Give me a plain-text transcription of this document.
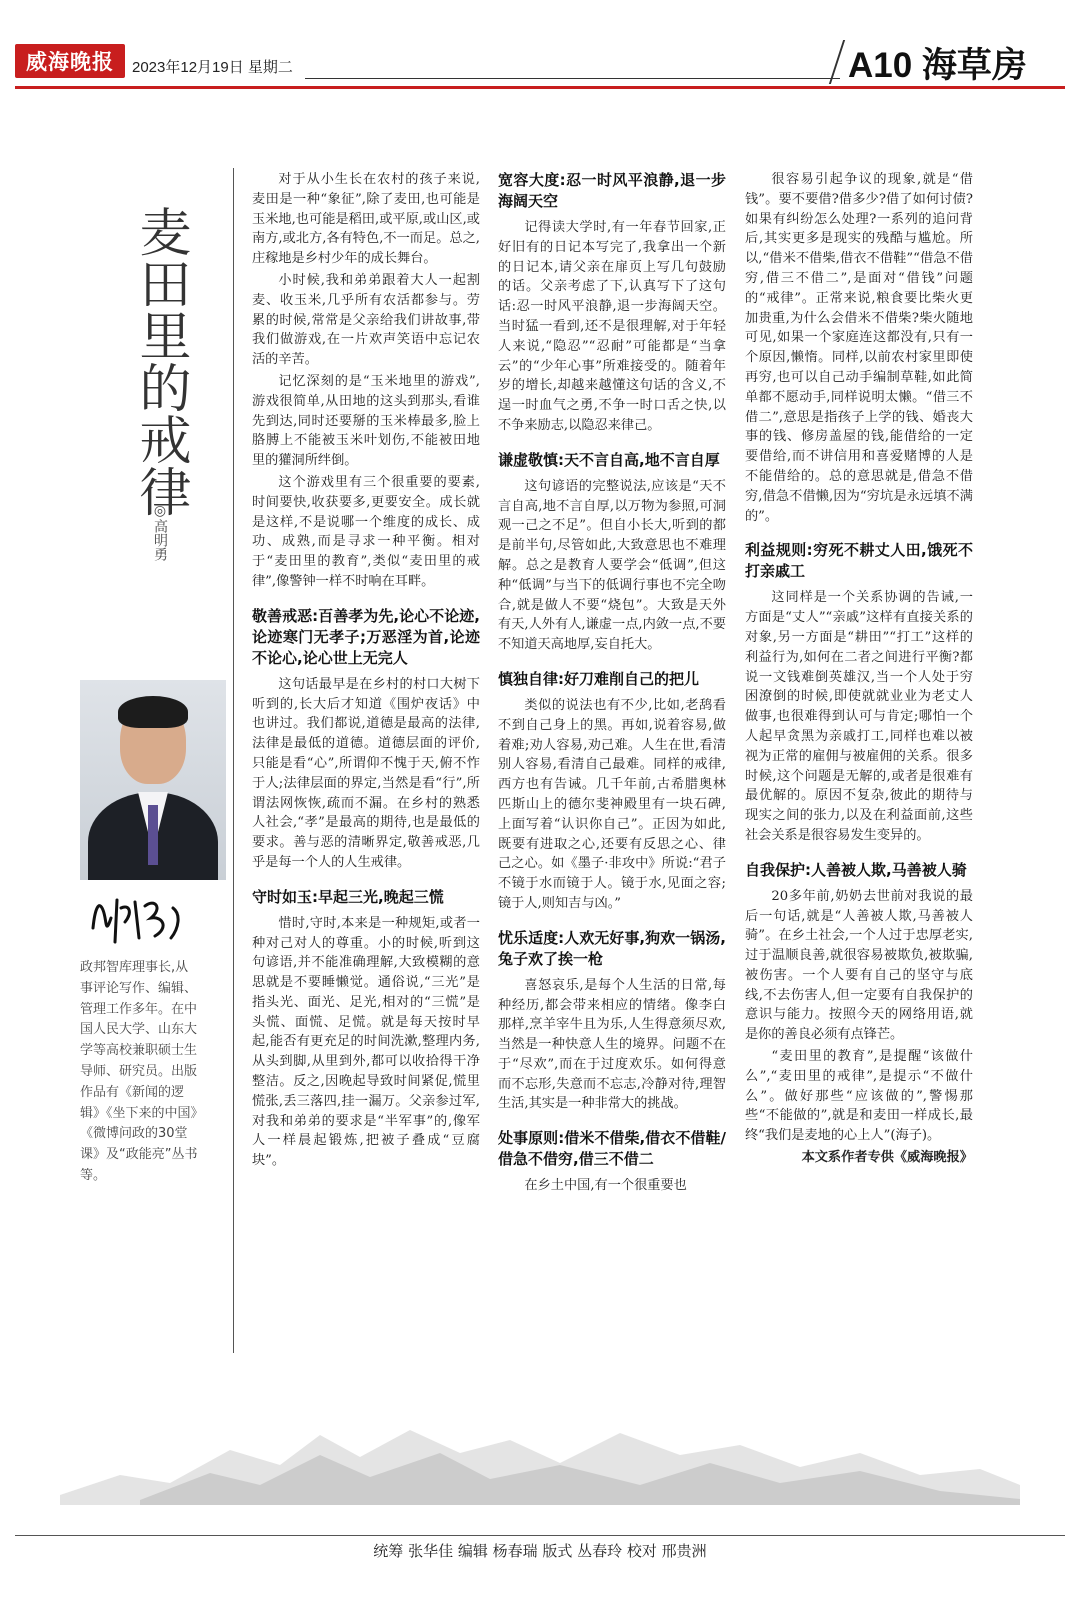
威海晚报	2023年12月19日 星期二	A10 海草房
麦田里的戒律
◎高明勇
政邦智库理事长,从事评论写作、编辑、管理工作多年。在中国人民大学、山东大学等高校兼职硕士生导师、研究员。出版作品有《新闻的逻辑》《坐下来的中国》《微博问政的30堂课》及“政能亮”丛书等。

对于从小生长在农村的孩子来说,麦田是一种“象征”,除了麦田,也可能是玉米地,也可能是稻田,或平原,或山区,或南方,或北方,各有特色,不一而足。总之,庄稼地是乡村少年的成长舞台。

小时候,我和弟弟跟着大人一起割麦、收玉米,几乎所有农活都参与。劳累的时候,常常是父亲给我们讲故事,带我们做游戏,在一片欢声笑语中忘记农活的辛苦。

记忆深刻的是“玉米地里的游戏”,游戏很简单,从田地的这头到那头,看谁先到达,同时还要掰的玉米棒最多,脸上胳膊上不能被玉米叶划伤,不能被田地里的獾洞所绊倒。

这个游戏里有三个很重要的要素,时间要快,收获要多,更要安全。成长就是这样,不是说哪一个维度的成长、成功、成熟,而是寻求一种平衡。相对于“麦田里的教育”,类似“麦田里的戒律”,像警钟一样不时响在耳畔。

敬善戒恶:百善孝为先,论心不论迹,论迹寒门无孝子;万恶淫为首,论迹不论心,论心世上无完人

这句话最早是在乡村的村口大树下听到的,长大后才知道《围炉夜话》中也讲过。我们都说,道德是最高的法律,法律是最低的道德。道德层面的评价,只能是看“心”,所谓仰不愧于天,俯不怍于人;法律层面的界定,当然是看“行”,所谓法网恢恢,疏而不漏。在乡村的熟悉人社会,“孝”是最高的期待,也是最低的要求。善与恶的清晰界定,敬善戒恶,几乎是每一个人的人生戒律。

守时如玉:早起三光,晚起三慌

惜时,守时,本来是一种规矩,或者一种对己对人的尊重。小的时候,听到这句谚语,并不能准确理解,大致模糊的意思就是不要睡懒觉。通俗说,“三光”是指头光、面光、足光,相对的“三慌”是头慌、面慌、足慌。就是每天按时早起,能否有更充足的时间洗漱,整理内务,从头到脚,从里到外,都可以收拾得干净整洁。反之,因晚起导致时间紧促,慌里慌张,丢三落四,挂一漏万。父亲参过军,对我和弟弟的要求是“半军事”的,像军人一样晨起锻炼,把被子叠成“豆腐块”。

宽容大度:忍一时风平浪静,退一步海阔天空

记得读大学时,有一年春节回家,正好旧有的日记本写完了,我拿出一个新的日记本,请父亲在扉页上写几句鼓励的话。父亲考虑了下,认真写下了这句话:忍一时风平浪静,退一步海阔天空。当时猛一看到,还不是很理解,对于年轻人来说,“隐忍”“忍耐”可能都是“当拿云”的“少年心事”所难接受的。随着年岁的增长,却越来越懂这句话的含义,不逞一时血气之勇,不争一时口舌之快,以不争来励志,以隐忍来律己。

谦虚敬慎:天不言自高,地不言自厚

这句谚语的完整说法,应该是“天不言自高,地不言自厚,以万物为参照,可洞观一己之不足”。但自小长大,听到的都是前半句,尽管如此,大致意思也不难理解。总之是教育人要学会“低调”,但这种“低调”与当下的低调行事也不完全吻合,就是做人不要“烧包”。大致是天外有天,人外有人,谦虚一点,内敛一点,不要不知道天高地厚,妄自托大。

慎独自律:好刀难削自己的把儿

类似的说法也有不少,比如,老鸹看不到自己身上的黑。再如,说着容易,做着难;劝人容易,劝己难。人生在世,看清别人容易,看清自己最难。同样的戒律,西方也有告诫。几千年前,古希腊奥林匹斯山上的德尔斐神殿里有一块石碑,上面写着“认识你自己”。正因为如此,既要有进取之心,还要有反思之心、律己之心。如《墨子·非攻中》所说:“君子不镜于水而镜于人。镜于水,见面之容;镜于人,则知吉与凶。”

忧乐适度:人欢无好事,狗欢一锅汤,兔子欢了挨一枪

喜怒哀乐,是每个人生活的日常,每种经历,都会带来相应的情绪。像李白那样,烹羊宰牛且为乐,人生得意须尽欢,当然是一种快意人生的境界。问题不在于“尽欢”,而在于过度欢乐。如何得意而不忘形,失意而不忘志,冷静对待,理智生活,其实是一种非常大的挑战。

处事原则:借米不借柴,借衣不借鞋/借急不借穷,借三不借二

在乡土中国,有一个很重要也

很容易引起争议的现象,就是“借钱”。要不要借?借多少?借了如何讨债?如果有纠纷怎么处理?一系列的追问背后,其实更多是现实的残酷与尴尬。所以,“借米不借柴,借衣不借鞋”“借急不借穷,借三不借二”,是面对“借钱”问题的“戒律”。正常来说,粮食要比柴火更加贵重,为什么会借米不借柴?柴火随地可见,如果一个家庭连这都没有,只有一个原因,懒惰。同样,以前农村家里即使再穷,也可以自己动手编制草鞋,如此简单都不愿动手,同样说明太懒。“借三不借二”,意思是指孩子上学的钱、婚丧大事的钱、修房盖屋的钱,能借给的一定要借给,而不讲信用和喜爱赌博的人是不能借给的。总的意思就是,借急不借穷,借急不借懒,因为“穷坑是永远填不满的”。

利益规则:穷死不耕丈人田,饿死不打亲戚工

这同样是一个关系协调的告诫,一方面是“丈人”“亲戚”这样有直接关系的对象,另一方面是“耕田”“打工”这样的利益行为,如何在二者之间进行平衡?都说一文钱难倒英雄汉,当一个人处于穷困潦倒的时候,即使就就业业为老丈人做事,也很难得到认可与肯定;哪怕一个人起早贪黑为亲戚打工,同样也难以被视为正常的雇佣与被雇佣的关系。很多时候,这个问题是无解的,或者是很难有最优解的。原因不复杂,彼此的期待与现实之间的张力,以及在利益面前,这些社会关系是很容易发生变异的。

自我保护:人善被人欺,马善被人骑

20多年前,奶奶去世前对我说的最后一句话,就是“人善被人欺,马善被人骑”。在乡土社会,一个人过于忠厚老实,过于温顺良善,就很容易被欺负,被欺骗,被伤害。一个人要有自己的坚守与底线,不去伤害人,但一定要有自我保护的意识与能力。按照今天的网络用语,就是你的善良必须有点锋芒。

“麦田里的教育”,是提醒“该做什么”,“麦田里的戒律”,是提示“不做什么”。做好那些“应该做的”,警惕那些“不能做的”,就是和麦田一样成长,最终“我们是麦地的心上人”(海子)。

本文系作者专供《威海晚报》

统筹 张华佳 编辑 杨春瑞 版式 丛春玲 校对 邢贵洲
